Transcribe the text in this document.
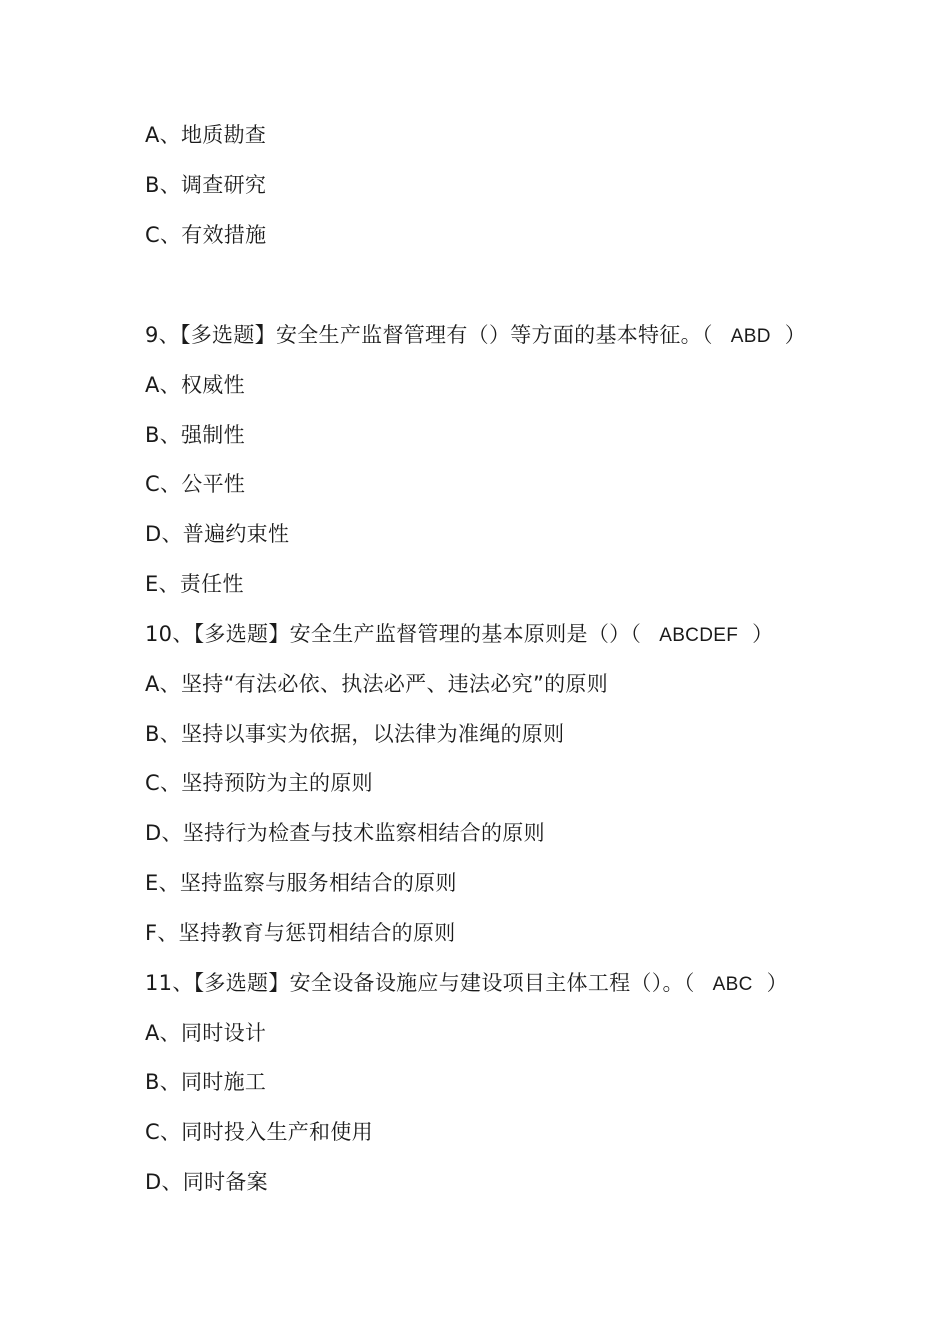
A、地质勘查
B、调查研究
C、有效措施
9、【多选题】安全生产监督管理有（）等方面的基本特征。（ ABD ）
A、权威性
B、强制性
C、公平性
D、普遍约束性
E、责任性
10、【多选题】安全生产监督管理的基本原则是（）（ ABCDEF ）
A、坚持“有法必依、执法必严、违法必究”的原则
B、坚持以事实为依据，以法律为准绳的原则
C、坚持预防为主的原则
D、坚持行为检查与技术监察相结合的原则
E、坚持监察与服务相结合的原则
F、坚持教育与惩罚相结合的原则
11、【多选题】安全设备设施应与建设项目主体工程（）。（ ABC ）
A、同时设计
B、同时施工
C、同时投入生产和使用
D、同时备案
